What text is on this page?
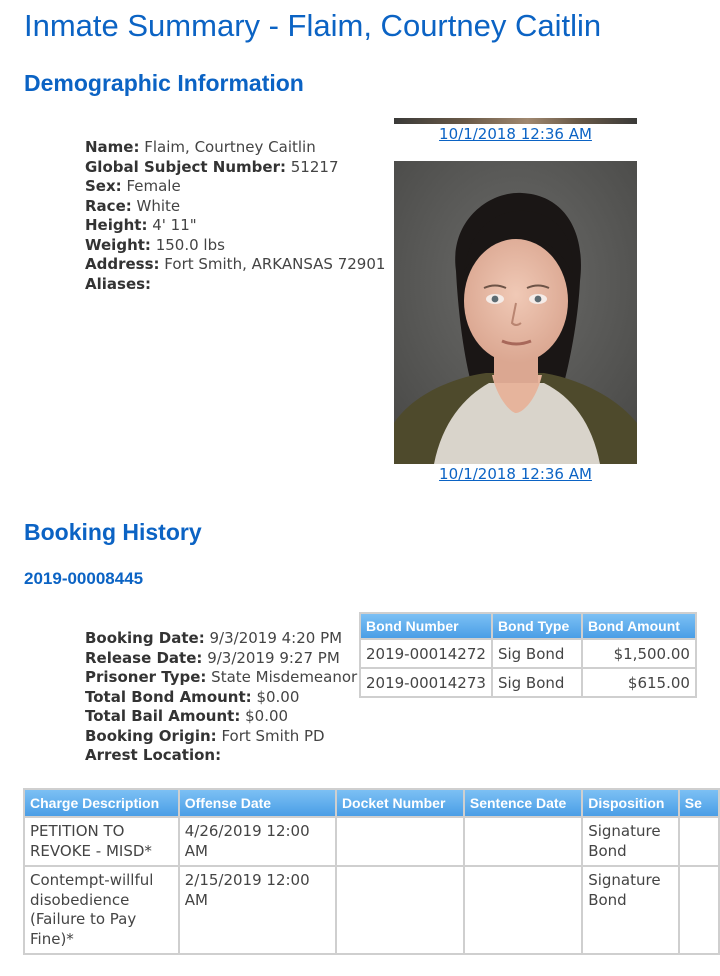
Inmate Summary - Flaim, Courtney Caitlin
Demographic Information
Name: Flaim, Courtney Caitlin
Global Subject Number: 51217
Sex: Female
Race: White
Height: 4' 11"
Weight: 150.0 lbs
Address: Fort Smith, ARKANSAS 72901
Aliases:
10/1/2018 12:36 AM
10/1/2018 12:36 AM
Booking History
2019-00008445
Booking Date: 9/3/2019 4:20 PM
Release Date: 9/3/2019 9:27 PM
Prisoner Type: State Misdemeanor
Total Bond Amount: $0.00
Total Bail Amount: $0.00
Booking Origin: Fort Smith PD
Arrest Location:
Bond Number	Bond Type	Bond Amount
2019-00014272	Sig Bond	$1,500.00
2019-00014273	Sig Bond	$615.00
Charge Description	Offense Date	Docket Number	Sentence Date	Disposition	Se
PETITION TO REVOKE - MISD*	4/26/2019 12:00 AM			Signature Bond	
Contempt-willful disobedience (Failure to Pay Fine)*	2/15/2019 12:00 AM			Signature Bond	
